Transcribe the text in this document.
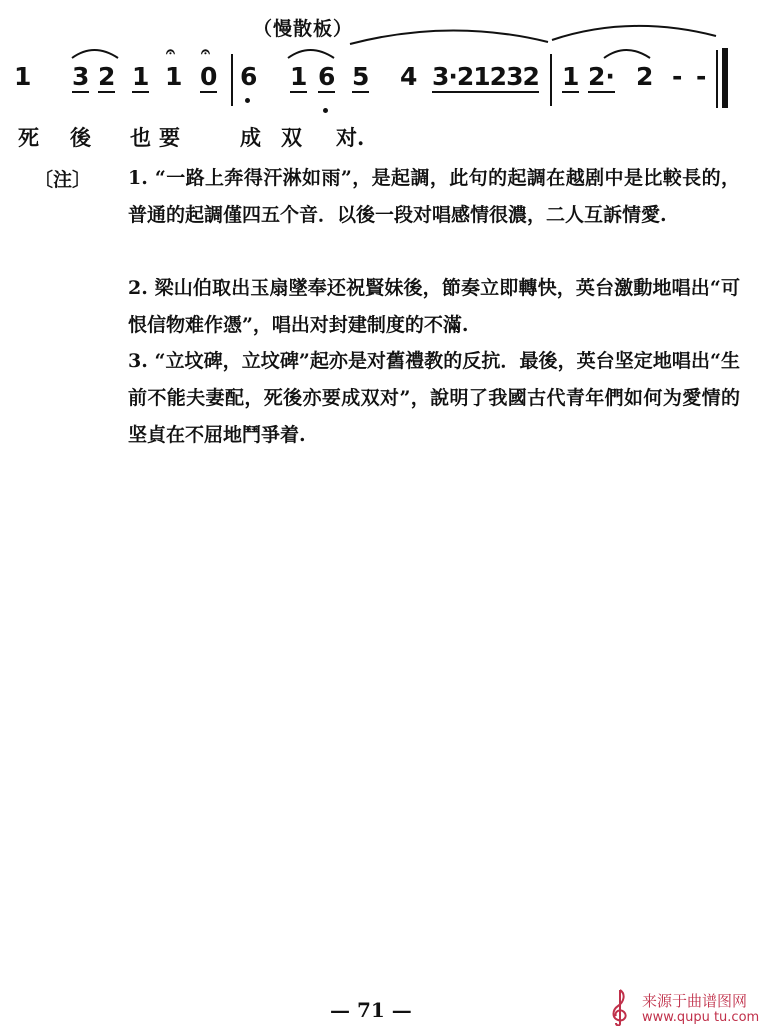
（慢散板）
1 3 2 1 1
𝄐
0
𝄐
6 1 6 5 4 3·21232 1 2· 2 - -
死 後 也要 成双 对.
〔注〕 1. “一路上奔得汗淋如雨”，是起調，此句的起調在越剧中是比較長的，普通的起調僅四五个音．以後一段对唱感情很濃，二人互訴情愛.
2. 梁山伯取出玉扇墜奉还祝賢妹後，節奏立即轉快，英台激動地唱出“可恨信物难作憑”，唱出对封建制度的不滿.
3. “立坟碑，立坟碑”起亦是对舊禮教的反抗．最後，英台坚定地唱出“生前不能夫妻配，死後亦要成双对”，說明了我國古代青年們如何为愛情的坚貞在不屈地鬥爭着.
— 71 —	来源于曲谱图网
www.qupu ​tu.com
